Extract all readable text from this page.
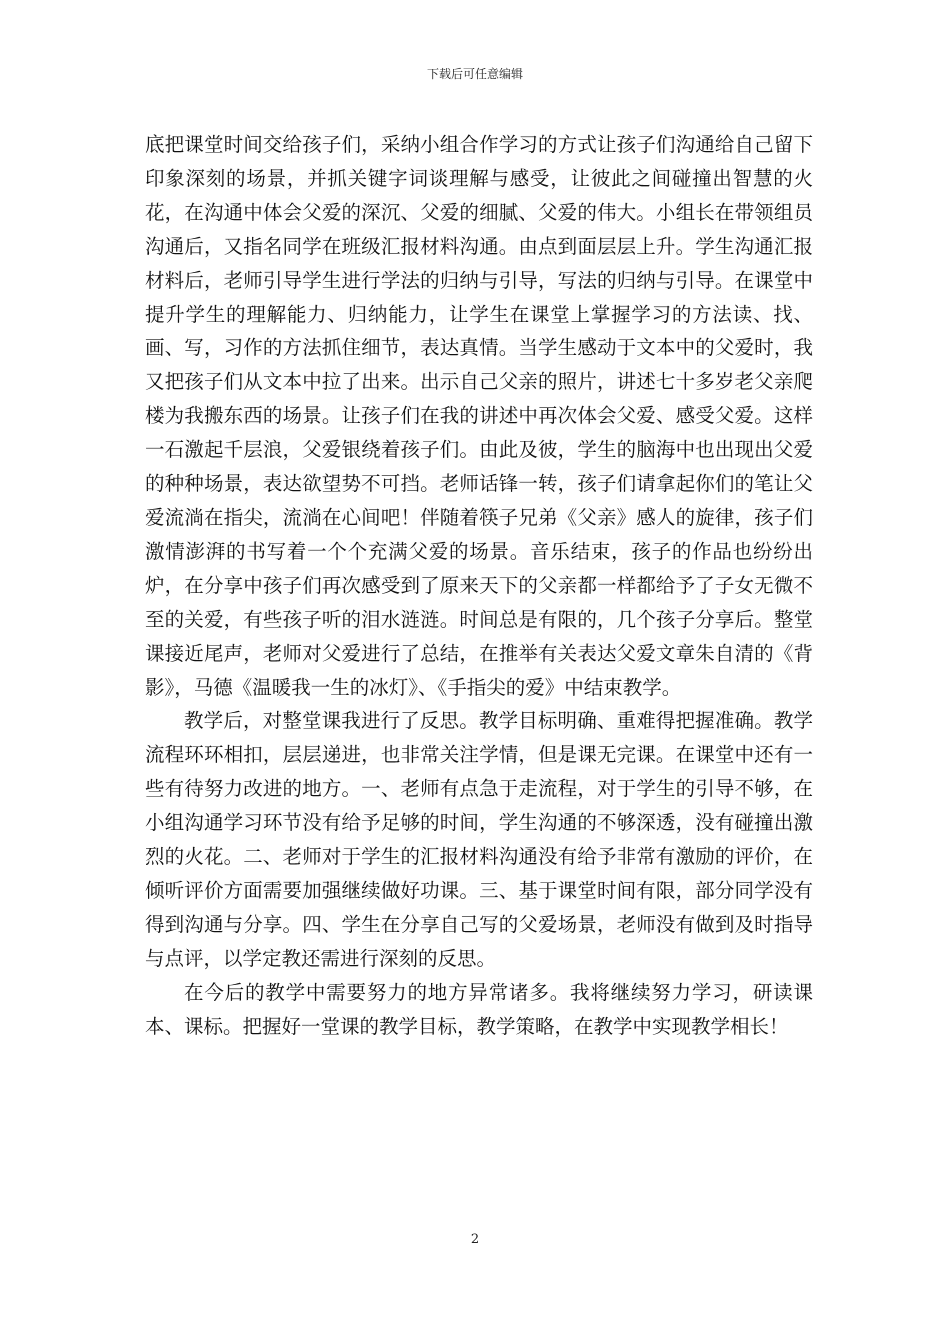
下载后可任意编辑

底把课堂时间交给孩子们，采纳小组合作学习的方式让孩子们沟通给自己留下印象深刻的场景，并抓关键字词谈理解与感受，让彼此之间碰撞出智慧的火花，在沟通中体会父爱的深沉、父爱的细腻、父爱的伟大。小组长在带领组员沟通后，又指名同学在班级汇报材料沟通。由点到面层层上升。学生沟通汇报材料后，老师引导学生进行学法的归纳与引导，写法的归纳与引导。在课堂中提升学生的理解能力、归纳能力，让学生在课堂上掌握学习的方法读、找、画、写，习作的方法抓住细节，表达真情。当学生感动于文本中的父爱时，我又把孩子们从文本中拉了出来。出示自己父亲的照片，讲述七十多岁老父亲爬楼为我搬东西的场景。让孩子们在我的讲述中再次体会父爱、感受父爱。这样一石激起千层浪，父爱银绕着孩子们。由此及彼，学生的脑海中也出现出父爱的种种场景，表达欲望势不可挡。老师话锋一转，孩子们请拿起你们的笔让父爱流淌在指尖，流淌在心间吧！伴随着筷子兄弟《父亲》感人的旋律，孩子们激情澎湃的书写着一个个充满父爱的场景。音乐结束，孩子的作品也纷纷出炉，在分享中孩子们再次感受到了原来天下的父亲都一样都给予了子女无微不至的关爱，有些孩子听的泪水涟涟。时间总是有限的，几个孩子分享后。整堂课接近尾声，老师对父爱进行了总结，在推举有关表达父爱文章朱自清的《背影》，马德《温暖我一生的冰灯》、《手指尖的爱》中结束教学。

教学后，对整堂课我进行了反思。教学目标明确、重难得把握准确。教学流程环环相扣，层层递进，也非常关注学情，但是课无完课。在课堂中还有一些有待努力改进的地方。一、老师有点急于走流程，对于学生的引导不够，在小组沟通学习环节没有给予足够的时间，学生沟通的不够深透，没有碰撞出激烈的火花。二、老师对于学生的汇报材料沟通没有给予非常有激励的评价，在倾听评价方面需要加强继续做好功课。三、基于课堂时间有限，部分同学没有得到沟通与分享。四、学生在分享自己写的父爱场景，老师没有做到及时指导与点评，以学定教还需进行深刻的反思。

在今后的教学中需要努力的地方异常诸多。我将继续努力学习，研读课本、课标。把握好一堂课的教学目标，教学策略，在教学中实现教学相长！

2
